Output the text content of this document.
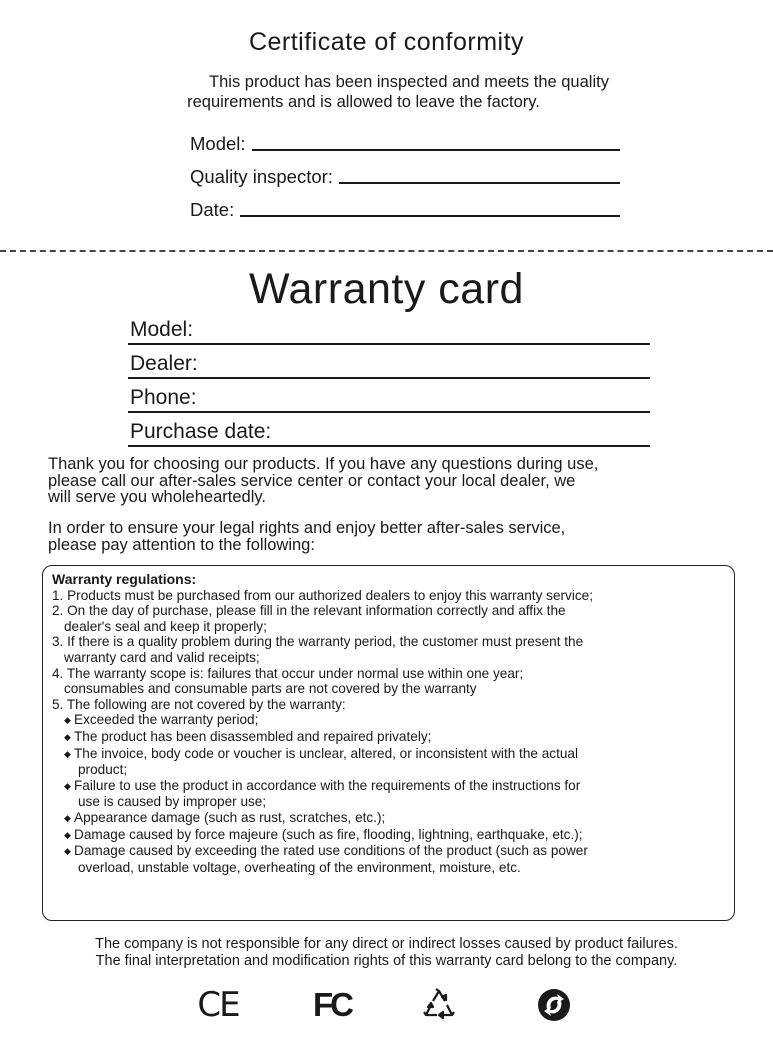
Certificate of conformity
This product has been inspected and meets the quality
requirements and is allowed to leave the factory.
Model:
Quality inspector:
Date:
Warranty card
Model:
Dealer:
Phone:
Purchase date:
Thank you for choosing our products. If you have any questions during use,
please call our after-sales service center or contact your local dealer, we
will serve you wholeheartedly.
In order to ensure your legal rights and enjoy better after-sales service,
please pay attention to the following:
Warranty regulations:
1. Products must be purchased from our authorized dealers to enjoy this warranty service;
2. On the day of purchase, please fill in the relevant information correctly and affix the
dealer's seal and keep it properly;
3. If there is a quality problem during the warranty period, the customer must present the
warranty card and valid receipts;
4. The warranty scope is: failures that occur under normal use within one year;
consumables and consumable parts are not covered by the warranty
5. The following are not covered by the warranty:
◆ Exceeded the warranty period;
◆ The product has been disassembled and repaired privately;
◆ The invoice, body code or voucher is unclear, altered, or inconsistent with the actual
product;
◆ Failure to use the product in accordance with the requirements of the instructions for
use is caused by improper use;
◆ Appearance damage (such as rust, scratches, etc.);
◆ Damage caused by force majeure (such as fire, flooding, lightning, earthquake, etc.);
◆ Damage caused by exceeding the rated use conditions of the product (such as power
overload, unstable voltage, overheating of the environment, moisture, etc.
The company is not responsible for any direct or indirect losses caused by product failures.
The final interpretation and modification rights of this warranty card belong to the company.
CE	FC
